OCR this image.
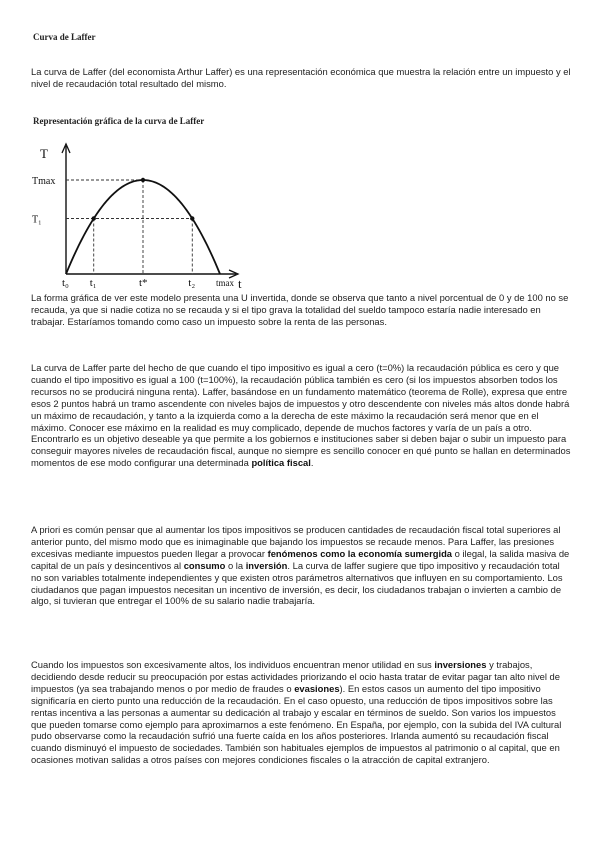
Curva de Laffer

La curva de Laffer (del economista Arthur Laffer) es una representación económica que muestra la relación entre un impuesto y el nivel de recaudación total resultado del mismo.

Representación gráfica de la curva de Laffer
T
t
t₀ t₁	t*	t₂ tmax
Tmax
T₁

La forma gráfica de ver este modelo presenta una U invertida, donde se observa que tanto a nivel porcentual de 0 y de 100 no se recauda, ya que si nadie cotiza no se recauda y si el tipo grava la totalidad del sueldo tampoco estaría nadie interesado en trabajar. Estaríamos tomando como caso un impuesto sobre la renta de las personas.

La curva de Laffer parte del hecho de que cuando el tipo impositivo es igual a cero (t=0%) la recaudación pública es cero y que cuando el tipo impositivo es igual a 100 (t=100%), la recaudación pública también es cero (si los impuestos absorben todos los recursos no se producirá ninguna renta). Laffer, basándose en un fundamento matemático (teorema de Rolle), expresa que entre esos 2 puntos habrá un tramo ascendente con niveles bajos de impuestos y otro descendente con niveles más altos donde habrá un máximo de recaudación, y tanto a la izquierda como a la derecha de este máximo la recaudación será menor que en el máximo. Conocer ese máximo en la realidad es muy complicado, depende de muchos factores y varía de un país a otro. Encontrarlo es un objetivo deseable ya que permite a los gobiernos e instituciones saber si deben bajar o subir un impuesto para conseguir mayores niveles de recaudación fiscal, aunque no siempre es sencillo conocer en qué punto se hallan en determinados momentos de ese modo configurar una determinada política fiscal.

A priori es común pensar que al aumentar los tipos impositivos se producen cantidades de recaudación fiscal total superiores al anterior punto, del mismo modo que es inimaginable que bajando los impuestos se recaude menos. Para Laffer, las presiones excesivas mediante impuestos pueden llegar a provocar fenómenos como la economía sumergida o ilegal, la salida masiva de capital de un país y desincentivos al consumo o la inversión. La curva de laffer sugiere que tipo impositivo y recaudación total no son variables totalmente independientes y que existen otros parámetros alternativos que influyen en su comportamiento. Los ciudadanos que pagan impuestos necesitan un incentivo de inversión, es decir, los ciudadanos trabajan o invierten a cambio de algo, si tuvieran que entregar el 100% de su salario nadie trabajaría.

Cuando los impuestos son excesivamente altos, los individuos encuentran menor utilidad en sus inversiones y trabajos, decidiendo desde reducir su preocupación por estas actividades priorizando el ocio hasta tratar de evitar pagar tan alto nivel de impuestos (ya sea trabajando menos o por medio de fraudes o evasiones). En estos casos un aumento del tipo impositivo significaría en cierto punto una reducción de la recaudación. En el caso opuesto, una reducción de tipos impositivos sobre las rentas incentiva a las personas a aumentar su dedicación al trabajo y escalar en términos de sueldo. Son varios los impuestos que pueden tomarse como ejemplo para aproximarnos a este fenómeno. En España, por ejemplo, con la subida del IVA cultural pudo observarse como la recaudación sufrió una fuerte caída en los años posteriores. Irlanda aumentó su recaudación fiscal cuando disminuyó el impuesto de sociedades. También son habituales ejemplos de impuestos al patrimonio o al capital, que en ocasiones motivan salidas a otros países con mejores condiciones fiscales o la atracción de capital extranjero.
